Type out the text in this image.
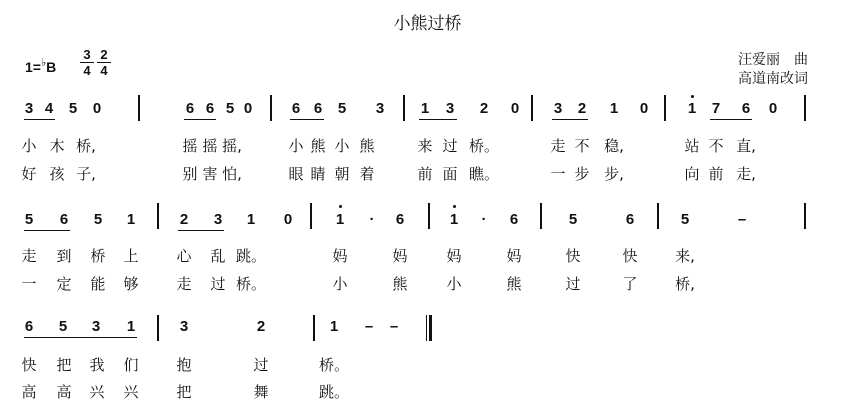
小熊过桥
$1=^♭B \frac{3}{4} \frac{2}{4}$	汪爱丽　曲
高道南改词
3 4 5 0	6 6 5 0	6 6 5 3 1 3 2 0 3 2 1 0	1 7 6 0
5 6 5 1	2 3 1 0	1 · 6	1 · 6	5	6	5	–
6 5 3 1	3	2	1 – –
小 木 桥,	摇 摇 摇,	小 熊 小 熊	来 过 桥。	走 不 稳,	站 不 直,
好 孩 子,	别 害 怕,	眼 睛 朝 着	前 面 瞧。	一 步 步,	向 前 走,
走 到 桥 上	心 乱 跳。	妈	妈	妈	妈	快	快	来,
一 定 能 够	走 过 桥。	小	熊	小	熊	过	了	桥,
快 把 我 们	抱	过	桥。
高 高 兴 兴	把	舞	跳。
